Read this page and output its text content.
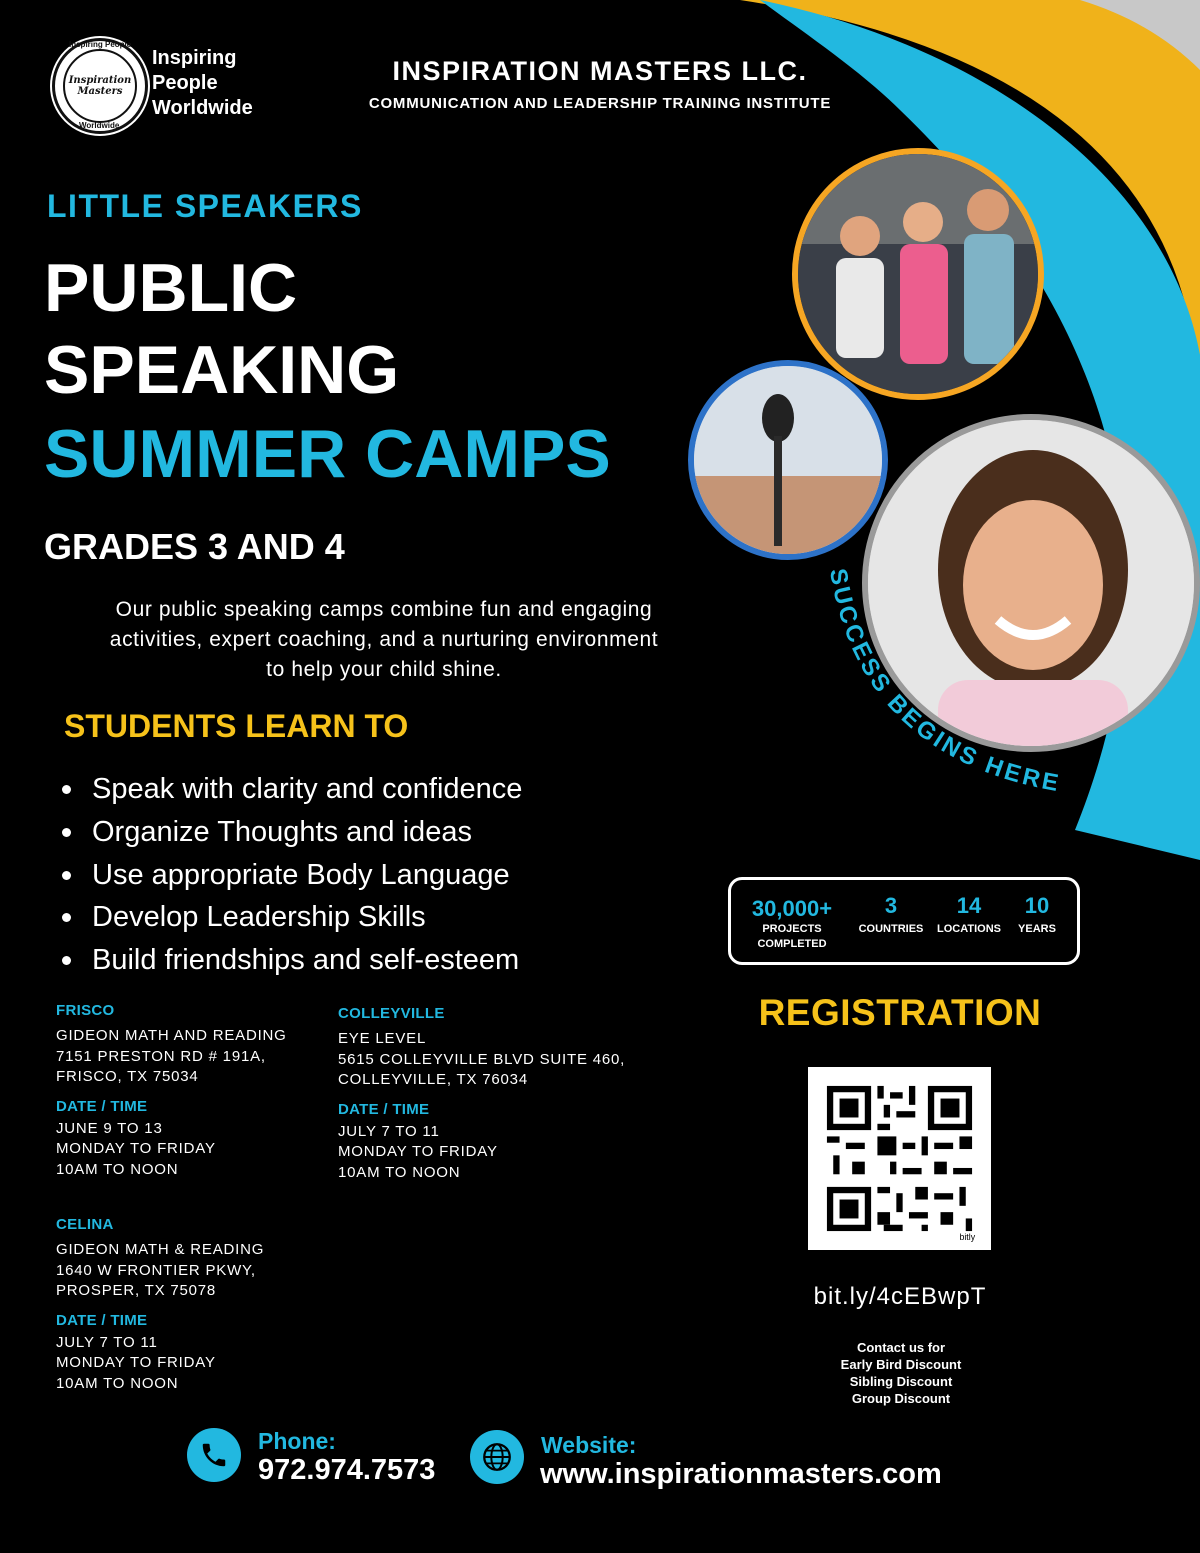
Inspiration
Masters
Inspiring People
Worldwide
Inspiring
People
Worldwide
INSPIRATION MASTERS LLC.
COMMUNICATION AND LEADERSHIP TRAINING INSTITUTE
LITTLE SPEAKERS
PUBLIC
SPEAKING
SUMMER CAMPS
GRADES 3 AND 4
Our public speaking camps combine fun and engaging
activities, expert coaching, and a nurturing environment
to help your child shine.
SUCCESS BEGINS HERE
STUDENTS LEARN TO
Speak with clarity and confidence
Organize Thoughts and ideas
Use appropriate Body Language
Develop Leadership Skills
Build friendships and self-esteem
FRISCO
GIDEON MATH AND READING
7151 PRESTON RD # 191A,
FRISCO, TX 75034
DATE / TIME
JUNE 9 TO 13
MONDAY TO FRIDAY
10AM TO NOON
COLLEYVILLE
EYE LEVEL
5615 COLLEYVILLE BLVD SUITE 460,
COLLEYVILLE, TX 76034
DATE / TIME
JULY 7 TO 11
MONDAY TO FRIDAY
10AM TO NOON
CELINA
GIDEON MATH & READING
1640 W FRONTIER PKWY,
PROSPER, TX 75078
DATE / TIME
JULY 7 TO 11
MONDAY TO FRIDAY
10AM TO NOON
30,000+
PROJECTS
COMPLETED
3
COUNTRIES
14
LOCATIONS
10
YEARS
REGISTRATION
bitly
bit.ly/4cEBwpT
Contact us for
Early Bird Discount
Sibling Discount
Group Discount
Phone:
972.974.7573
Website:
www.inspirationmasters.com
